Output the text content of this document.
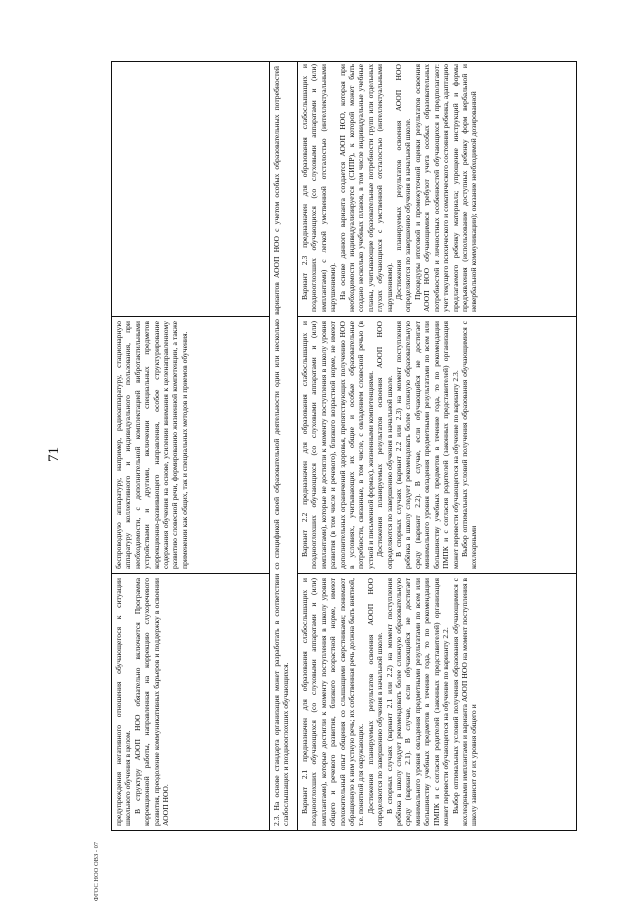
71

предупреждения негативного отношения обучающегося к ситуации школьного обучения в целом. В структуру АООП НОО обязательно включается Программа коррекционной работы, направленная на коррекцию слухоречевого развития, преодоление коммуникативных барьеров и поддержку в освоении АООП НОО.

беспроводную аппаратуру, например, радиоаппаратуру, стационарную аппаратуру коллективного и индивидуального пользования, при необходимости, с дополнительной комплектацией вибротактильными устройствами и другими, включении специальных предметов коррекционно-развивающего направления, особое структурирование содержания обучения на основе, усилении внимания к целенаправленному развитию словесной речи, формированию жизненной компетенции, а также применении как общих, так и специальных методов и приемов обучения.	2.3. На основе стандарта организация может разработать в соответствии со спецификой своей образовательной деятельности один или несколько вариантов АООП НОО с учетом особых образовательных потребностей слабослышащих и позднооглохших обучающихся. Вариант 2.1 предназначен для образования слабослышащих и позднооглохших обучающихся (со слуховыми аппаратами и (или) имплантами), которые достигли к моменту поступления в школу уровня общего и речевого развития, близкого возрастной норме, имеют положительный опыт общения со слышащими сверстниками; понимают обращенную к ним устную речь; их собственная речь должна быть внятной, т.е. понятной для окружающих. Достижения планируемых результатов освоения АООП НОО определяются по завершению обучения в начальной школе. В спорных случаях (вариант 2.1 или 2.2) на момент поступления ребёнка в школу следует рекомендовать более сложную образовательную среду (вариант 2.1). В случае, если обучающийся не достигает минимального уровня овладения предметными результатами по всем или большинству учебных предметов в течение года, то по рекомендации ПМПК и с согласия родителей (законных представителей) организация может перевести обучающегося на обучение по варианту 2.2. Выбор оптимальных условий получения образования обучающимися с кохлеарными имплантами и варианта АООП НОО на момент поступления в школу зависит от их уровня общего и

Вариант 2.2 предназначен для образования слабослышащих и позднооглохших обучающихся (со слуховыми аппаратами и (или) имплантами), которые не достигли к моменту поступления в школу уровня развития (в том числе и речевого), близкого возрастной норме, не имеют дополнительных ограничений здоровья, препятствующих получению НОО в условиях, учитывающих их общие и особые образовательные потребности, связанные, в том числе, с овладением словесной речью (в устной и письменной формах), жизненными компетенциями. Достижения планируемых результатов освоения АООП НОО определяются по завершению обучения в начальной школе. В спорных случаях (вариант 2.2 или 2.3) на момент поступления ребёнка в школу следует рекомендовать более сложную образовательную среду (вариант 2.2). В случае, если обучающийся не достигает минимального уровня овладения предметными результатами по всем или большинству учебных предметов в течение года, то по рекомендации ПМПК и с согласия родителей (законных представителей) организация может перевести обучающегося на обучение по варианту 2.3. Выбор оптимальных условий получения образования обучающимися с кохлеарными

Вариант 2.3 предназначен для образования слабослышащих и позднооглохших обучающихся (со слуховыми аппаратами и (или) имплантами) с легкой умственной отсталостью (интеллектуальными нарушениями). На основе данного варианта создается АООП НОО, которая при необходимости индивидуализируется (СИПР), к которой может быть создано несколько учебных планов, в том числе индивидуальные учебные планы, учитывающие образовательные потребности групп или отдельных глухих обучающихся с умственной отсталостью (интеллектуальными нарушениями). Достижения планируемых результатов освоения АООП НОО определяются по завершению обучения в начальной школе. Процедуры итоговой и промежуточной оценки результатов освоения АООП НОО обучающимися требуют учета особых образовательных потребностей и личностных особенностей обучающихся и предполагают: учет текущего психического и соматического состояния ребенка, адаптацию предлагаемого ребенку материала; упрощение инструкций и формы предъявления (использование доступных ребенку форм вербальной и невербальной коммуникации); оказание необходимой дозированной

ФГОС НОО ОВЗ - 07
